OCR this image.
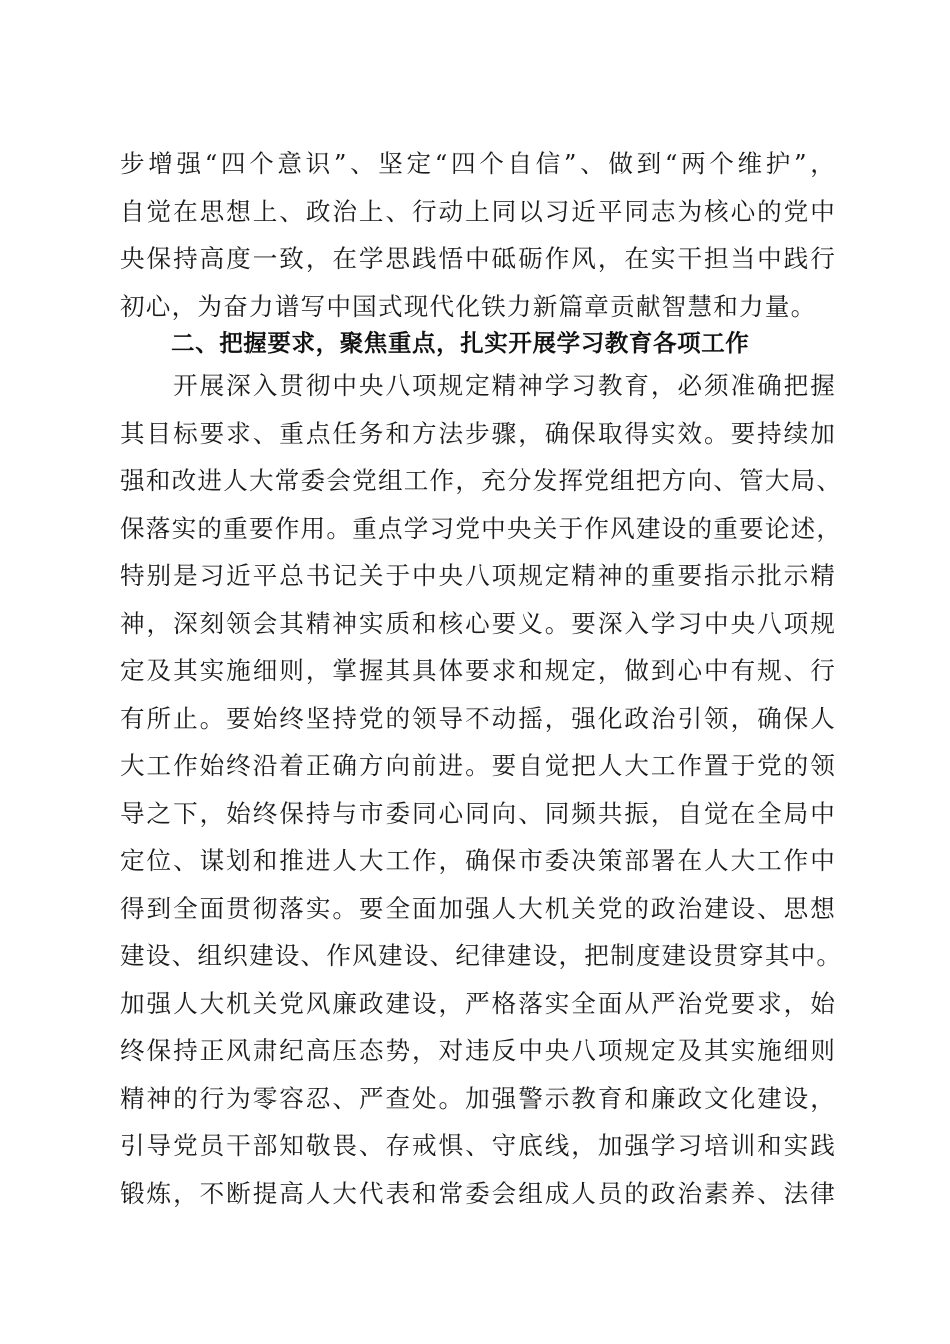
步增强“四个意识”、坚定“四个自信”、做到“两个维护”，
自觉在思想上、政治上、行动上同以习近平同志为核心的党中
央保持高度一致，在学思践悟中砥砺作风，在实干担当中践行
初心，为奋力谱写中国式现代化铁力新篇章贡献智慧和力量。
二、把握要求，聚焦重点，扎实开展学习教育各项工作
　　开展深入贯彻中央八项规定精神学习教育，必须准确把握
其目标要求、重点任务和方法步骤，确保取得实效。要持续加
强和改进人大常委会党组工作，充分发挥党组把方向、管大局、
保落实的重要作用。重点学习党中央关于作风建设的重要论述，
特别是习近平总书记关于中央八项规定精神的重要指示批示精
神，深刻领会其精神实质和核心要义。要深入学习中央八项规
定及其实施细则，掌握其具体要求和规定，做到心中有规、行
有所止。要始终坚持党的领导不动摇，强化政治引领，确保人
大工作始终沿着正确方向前进。要自觉把人大工作置于党的领
导之下，始终保持与市委同心同向、同频共振，自觉在全局中
定位、谋划和推进人大工作，确保市委决策部署在人大工作中
得到全面贯彻落实。要全面加强人大机关党的政治建设、思想
建设、组织建设、作风建设、纪律建设，把制度建设贯穿其中。
加强人大机关党风廉政建设，严格落实全面从严治党要求，始
终保持正风肃纪高压态势，对违反中央八项规定及其实施细则
精神的行为零容忍、严查处。加强警示教育和廉政文化建设，
引导党员干部知敬畏、存戒惧、守底线，加强学习培训和实践
锻炼，不断提高人大代表和常委会组成人员的政治素养、法律
